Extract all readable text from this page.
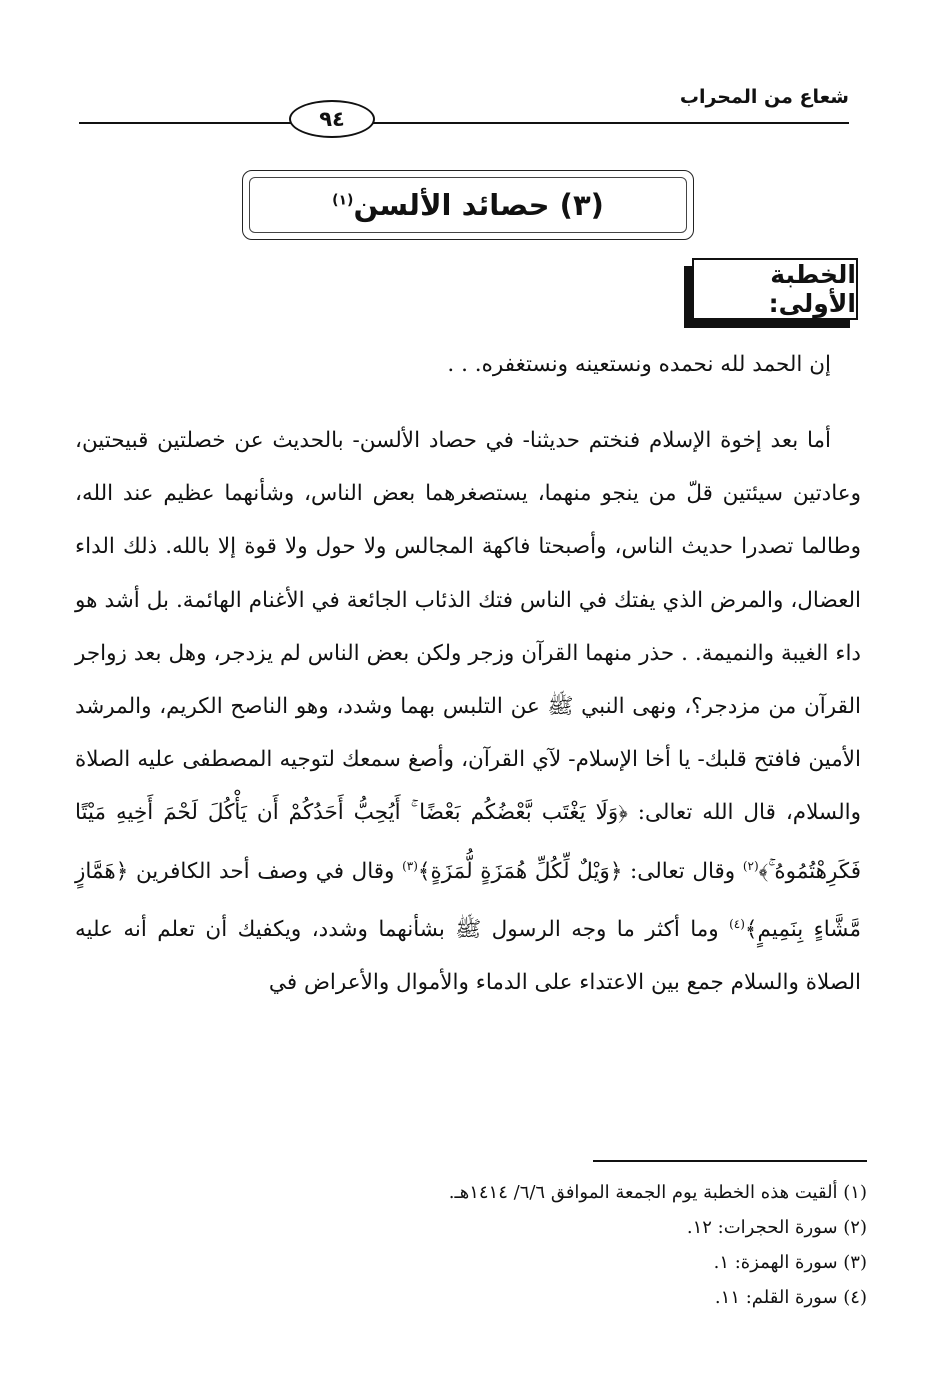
شعاع من المحراب
٩٤
(٣) حصائد الألسن$^{(١)}$
الخطبة الأولى:

إن الحمد لله نحمده ونستعينه ونستغفره. . .

أما بعد إخوة الإسلام فنختم حديثنا- في حصاد الألسن- بالحديث عن خصلتين قبيحتين، وعادتين سيئتين قلّ من ينجو منهما، يستصغرهما بعض الناس، وشأنهما عظيم عند الله، وطالما تصدرا حديث الناس، وأصبحتا فاكهة المجالس ولا حول ولا قوة إلا بالله. ذلك الداء العضال، والمرض الذي يفتك في الناس فتك الذئاب الجائعة في الأغنام الهائمة. بل أشد هو داء الغيبة والنميمة. . حذر منهما القرآن وزجر ولكن بعض الناس لم يزدجر، وهل بعد زواجر القرآن من مزدجر؟، ونهى النبي ﷺ عن التلبس بهما وشدد، وهو الناصح الكريم، والمرشد الأمين فافتح قلبك- يا أخا الإسلام- لآي القرآن، وأصغ سمعك لتوجيه المصطفى عليه الصلاة والسلام، قال الله تعالى: ﴿وَلَا يَغْتَب بَّعْضُكُم بَعْضًا ۚ أَيُحِبُّ أَحَدُكُمْ أَن يَأْكُلَ لَحْمَ أَخِيهِ مَيْتًا فَكَرِهْتُمُوهُ ۚ﴾$^{(٢)}$ وقال تعالى: ﴿وَيْلٌ لِّكُلِّ هُمَزَةٍ لُّمَزَةٍ﴾$^{(٣)}$ وقال في وصف أحد الكافرين ﴿هَمَّازٍ مَّشَّاءٍ بِنَمِيمٍ﴾$^{(٤)}$ وما أكثر ما وجه الرسول ﷺ بشأنهما وشدد، ويكفيك أن تعلم أنه عليه الصلاة والسلام جمع بين الاعتداء على الدماء والأموال والأعراض في

(١) ألقيت هذه الخطبة يوم الجمعة الموافق ٦/٦/ ١٤١٤هـ.
(٢) سورة الحجرات: ١٢.
(٣) سورة الهمزة: ١.
(٤) سورة القلم: ١١.
